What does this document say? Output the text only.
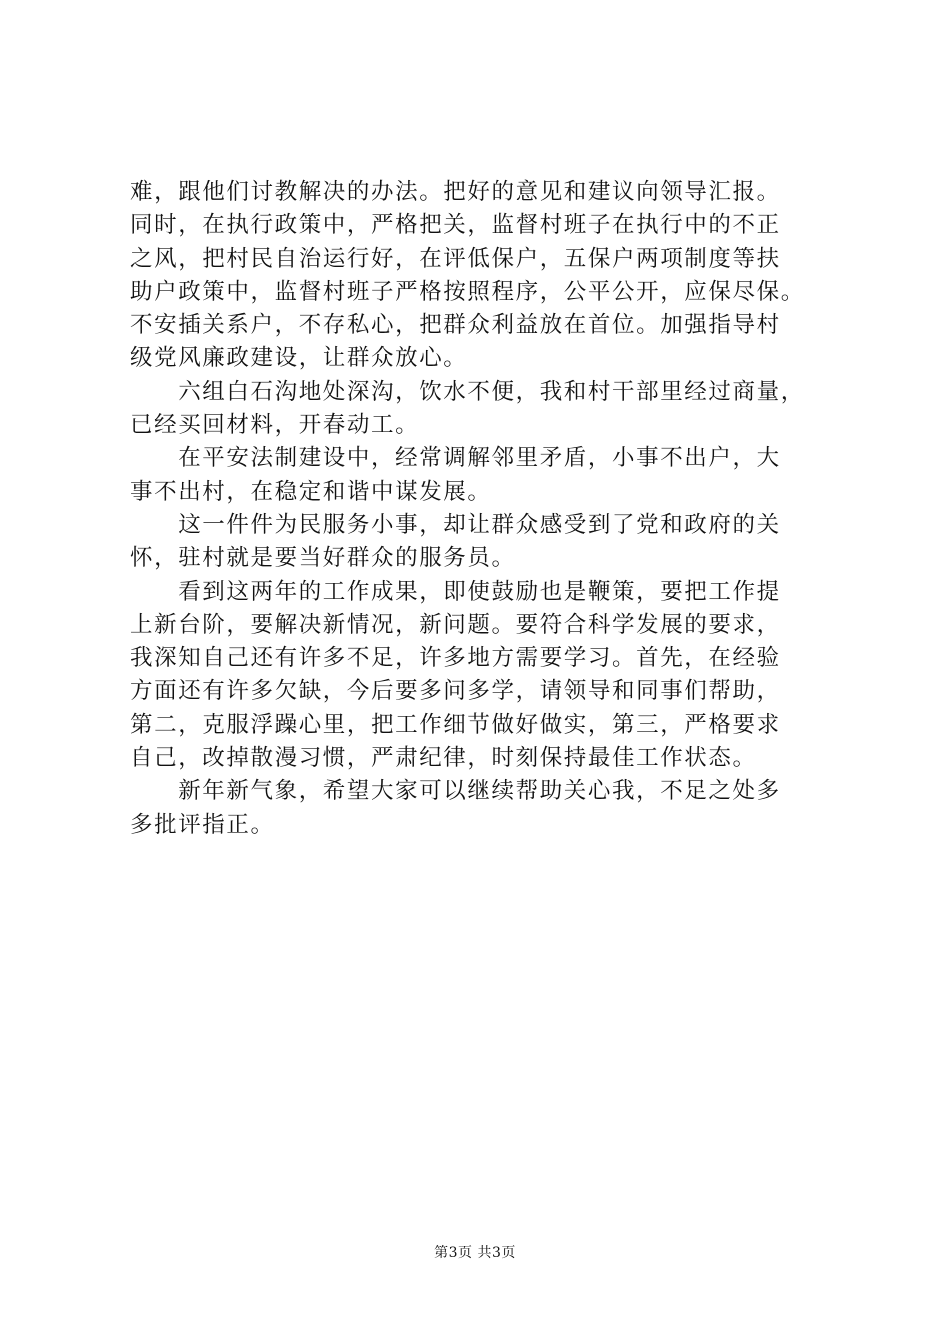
难，跟他们讨教解决的办法。把好的意见和建议向领导汇报。
同时，在执行政策中，严格把关，监督村班子在执行中的不正
之风，把村民自治运行好，在评低保户，五保户两项制度等扶
助户政策中，监督村班子严格按照程序，公平公开，应保尽保。
不安插关系户，不存私心，把群众利益放在首位。加强指导村
级党风廉政建设，让群众放心。
　　六组白石沟地处深沟，饮水不便，我和村干部里经过商量，
已经买回材料，开春动工。
　　在平安法制建设中，经常调解邻里矛盾，小事不出户，大
事不出村，在稳定和谐中谋发展。
　　这一件件为民服务小事，却让群众感受到了党和政府的关
怀，驻村就是要当好群众的服务员。
　　看到这两年的工作成果，即使鼓励也是鞭策，要把工作提
上新台阶，要解决新情况，新问题。要符合科学发展的要求，
我深知自己还有许多不足，许多地方需要学习。首先，在经验
方面还有许多欠缺，今后要多问多学，请领导和同事们帮助，
第二，克服浮躁心里，把工作细节做好做实，第三，严格要求
自己，改掉散漫习惯，严肃纪律，时刻保持最佳工作状态。
　　新年新气象，希望大家可以继续帮助关心我，不足之处多
多批评指正。
第3页 共3页
